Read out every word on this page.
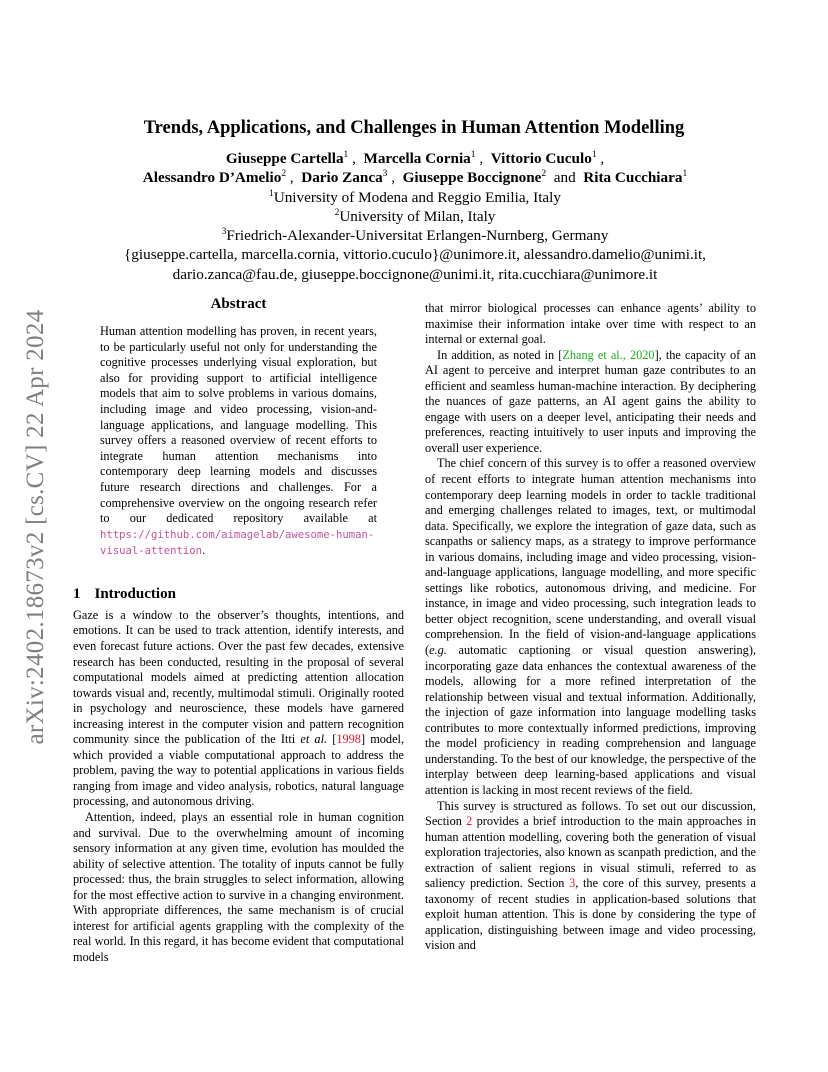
arXiv:2402.18673v2 [cs.CV] 22 Apr 2024
Trends, Applications, and Challenges in Human Attention Modelling
Giuseppe Cartella$^1$ ,  Marcella Cornia$^1$ ,  Vittorio Cuculo$^1$ ,
Alessandro D’Amelio$^2$ ,  Dario Zanca$^3$ ,  Giuseppe Boccignone$^2$ and Rita Cucchiara$^1$
$^1$University of Modena and Reggio Emilia, Italy
$^2$University of Milan, Italy
$^3$Friedrich-Alexander-Universitat Erlangen-Nurnberg, Germany
{giuseppe.cartella, marcella.cornia, vittorio.cuculo}@unimore.it, alessandro.damelio@unimi.it,
dario.zanca@fau.de, giuseppe.boccignone@unimi.it, rita.cucchiara@unimore.it
Abstract
Human attention modelling has proven, in recent years, to be particularly useful not only for understanding the cognitive processes underlying visual exploration, but also for providing support to artificial intelligence models that aim to solve problems in various domains, including image and video processing, vision-and-language applications, and language modelling. This survey offers a reasoned overview of recent efforts to integrate human attention mechanisms into contemporary deep learning models and discusses future research directions and challenges. For a comprehensive overview on the ongoing research refer to our dedicated repository available at https://github.com/aimagelab/awesome-human-visual-attention.
1 Introduction

Gaze is a window to the observer’s thoughts, intentions, and emotions. It can be used to track attention, identify interests, and even forecast future actions. Over the past few decades, extensive research has been conducted, resulting in the proposal of several computational models aimed at predicting attention allocation towards visual and, recently, multimodal stimuli. Originally rooted in psychology and neuroscience, these models have garnered increasing interest in the computer vision and pattern recognition community since the publication of the Itti et al. [1998] model, which provided a viable computational approach to address the problem, paving the way to potential applications in various fields ranging from image and video analysis, robotics, natural language processing, and autonomous driving.

Attention, indeed, plays an essential role in human cognition and survival. Due to the overwhelming amount of incoming sensory information at any given time, evolution has moulded the ability of selective attention. The totality of inputs cannot be fully processed: thus, the brain struggles to select information, allowing for the most effective action to survive in a changing environment. With appropriate differences, the same mechanism is of crucial interest for artificial agents grappling with the complexity of the real world. In this regard, it has become evident that computational models

that mirror biological processes can enhance agents’ ability to maximise their information intake over time with respect to an internal or external goal.

In addition, as noted in [Zhang et al., 2020], the capacity of an AI agent to perceive and interpret human gaze contributes to an efficient and seamless human-machine interaction. By deciphering the nuances of gaze patterns, an AI agent gains the ability to engage with users on a deeper level, anticipating their needs and preferences, reacting intuitively to user inputs and improving the overall user experience.

The chief concern of this survey is to offer a reasoned overview of recent efforts to integrate human attention mechanisms into contemporary deep learning models in order to tackle traditional and emerging challenges related to images, text, or multimodal data. Specifically, we explore the integration of gaze data, such as scanpaths or saliency maps, as a strategy to improve performance in various domains, including image and video processing, vision-and-language applications, language modelling, and more specific settings like robotics, autonomous driving, and medicine. For instance, in image and video processing, such integration leads to better object recognition, scene understanding, and overall visual comprehension. In the field of vision-and-language applications (e.g. automatic captioning or visual question answering), incorporating gaze data enhances the contextual awareness of the models, allowing for a more refined interpretation of the relationship between visual and textual information. Additionally, the injection of gaze information into language modelling tasks contributes to more contextually informed predictions, improving the model proficiency in reading comprehension and language understanding. To the best of our knowledge, the perspective of the interplay between deep learning-based applications and visual attention is lacking in most recent reviews of the field.

This survey is structured as follows. To set out our discussion, Section 2 provides a brief introduction to the main approaches in human attention modelling, covering both the generation of visual exploration trajectories, also known as scanpath prediction, and the extraction of salient regions in visual stimuli, referred to as saliency prediction. Section 3, the core of this survey, presents a taxonomy of recent studies in application-based solutions that exploit human attention. This is done by considering the type of application, distinguishing between image and video processing, vision and
